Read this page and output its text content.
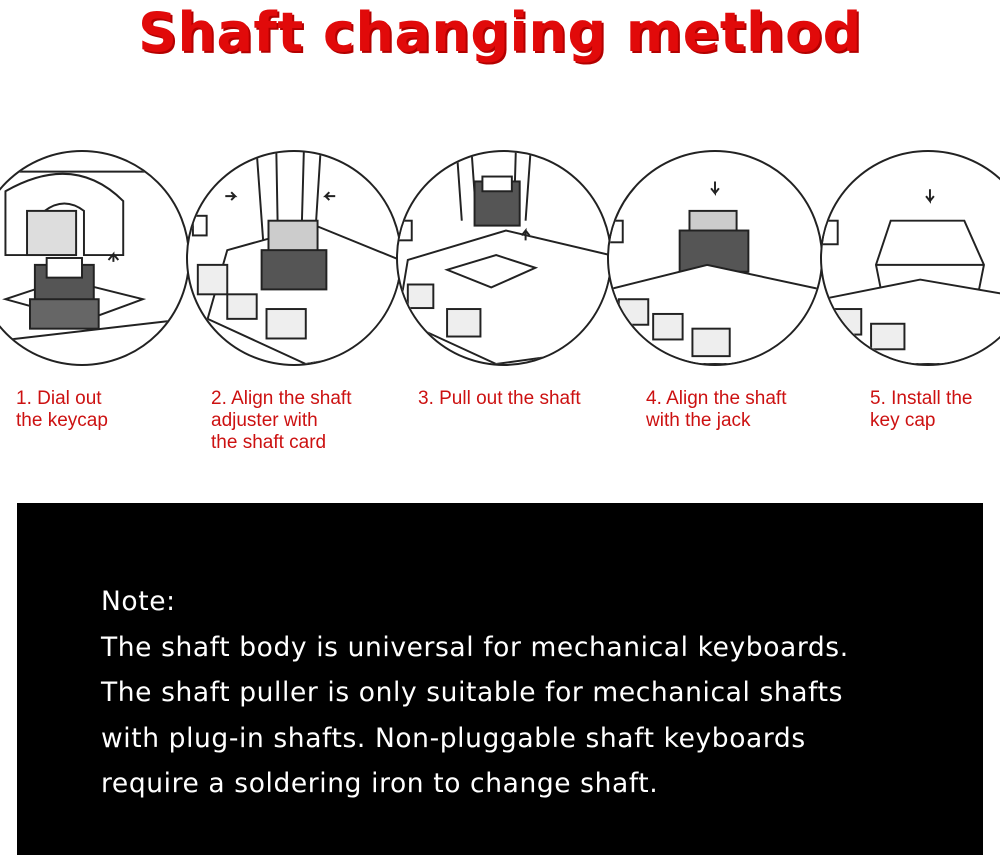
Shaft changing method
1. Dial out
the keycap
2. Align the shaft
adjuster with
the shaft card
3. Pull out the shaft	4. Align the shaft
with the jack
5. Install the
key cap
Note:
The shaft body is universal for mechanical keyboards.
The shaft puller is only suitable for mechanical shafts
with plug-in shafts. Non-pluggable shaft keyboards
require a soldering iron to change shaft.
